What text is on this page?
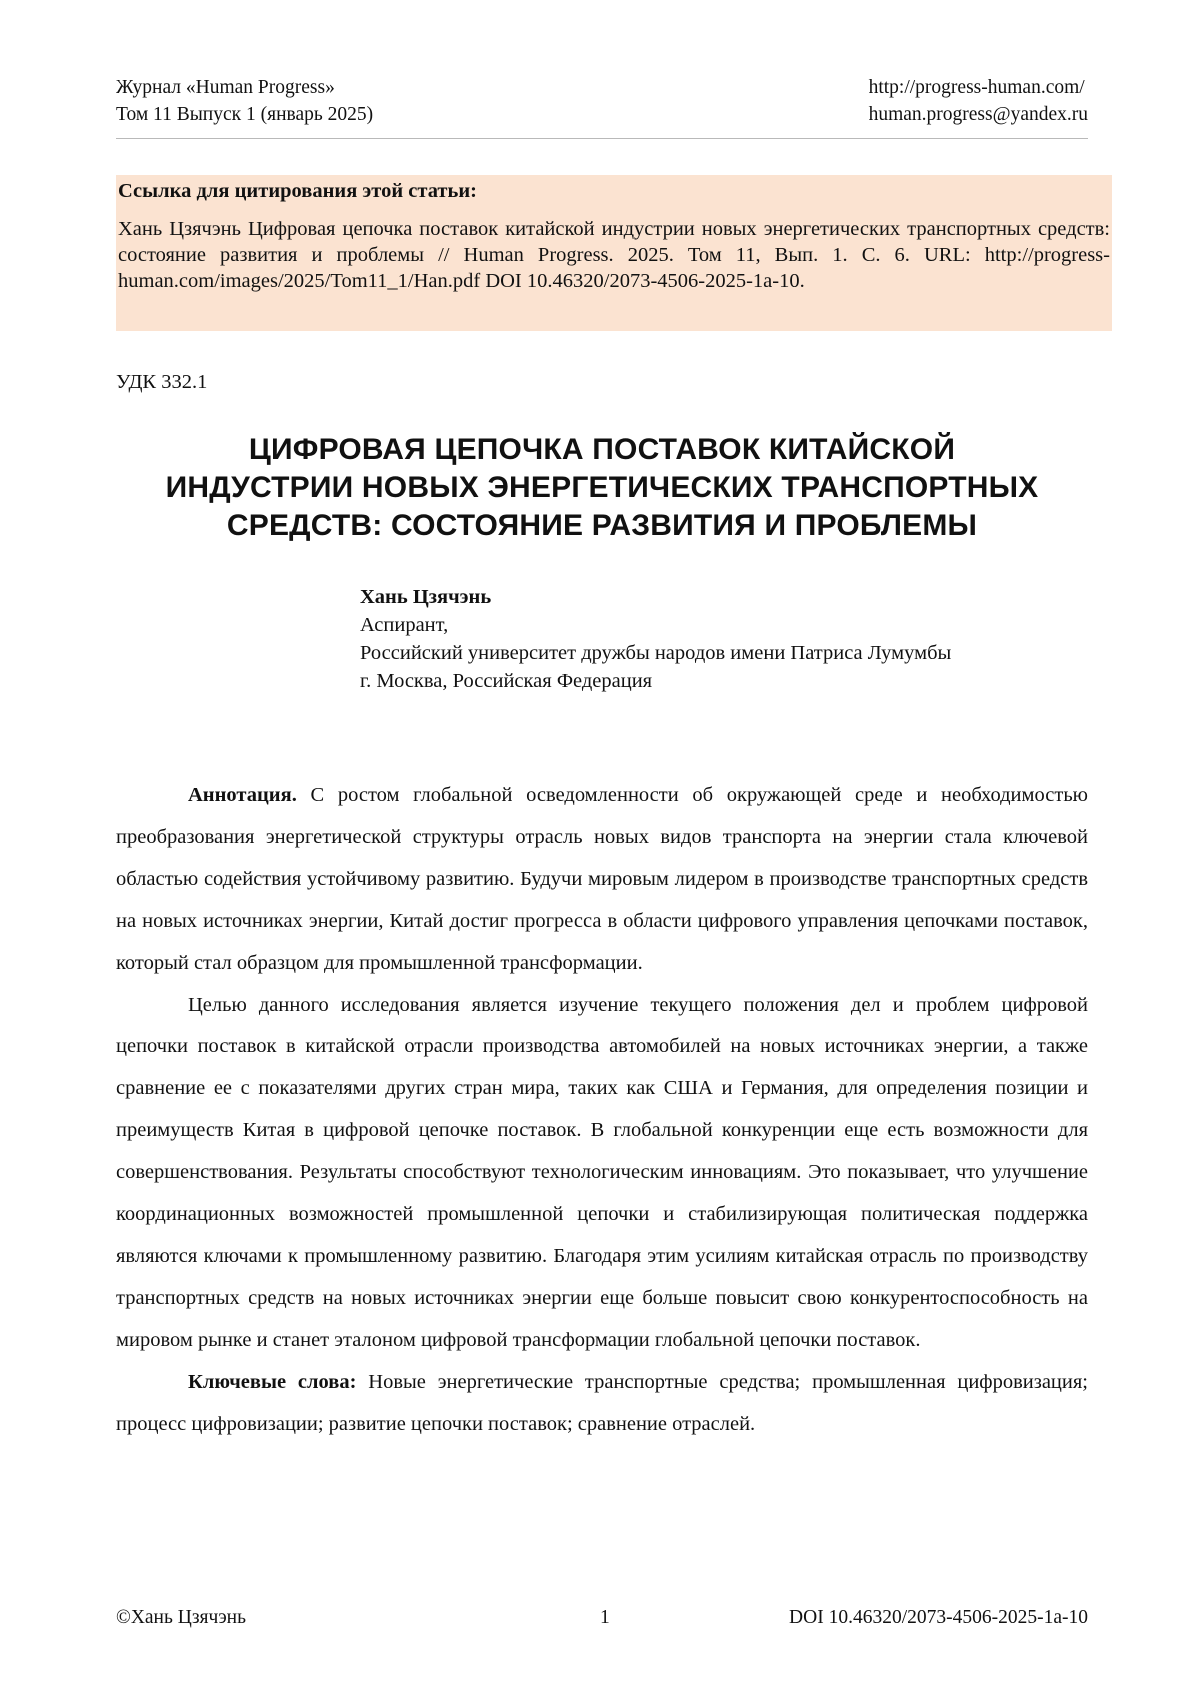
Журнал «Human Progress»
Том 11 Выпуск 1 (январь 2025)
http://progress-human.com/
human.progress@yandex.ru
Ссылка для цитирования этой статьи:
Хань Цзячэнь Цифровая цепочка поставок китайской индустрии новых энергетических транспортных средств: состояние развития и проблемы // Human Progress. 2025. Том 11, Вып. 1. С. 6. URL: http://progress-human.com/images/2025/Tom11_1/Han.pdf DOI 10.46320/2073-4506-2025-1a-10.
УДК 332.1
ЦИФРОВАЯ ЦЕПОЧКА ПОСТАВОК КИТАЙСКОЙ
ИНДУСТРИИ НОВЫХ ЭНЕРГЕТИЧЕСКИХ ТРАНСПОРТНЫХ
СРЕДСТВ: СОСТОЯНИЕ РАЗВИТИЯ И ПРОБЛЕМЫ
Хань Цзячэнь
Аспирант,
Российский университет дружбы народов имени Патриса Лумумбы
г. Москва, Российская Федерация

Аннотация. С ростом глобальной осведомленности об окружающей среде и необходимостью преобразования энергетической структуры отрасль новых видов транспорта на энергии стала ключевой областью содействия устойчивому развитию. Будучи мировым лидером в производстве транспортных средств на новых источниках энергии, Китай достиг прогресса в области цифрового управления цепочками поставок, который стал образцом для промышленной трансформации.

Целью данного исследования является изучение текущего положения дел и проблем цифровой цепочки поставок в китайской отрасли производства автомобилей на новых источниках энергии, а также сравнение ее с показателями других стран мира, таких как США и Германия, для определения позиции и преимуществ Китая в цифровой цепочке поставок. В глобальной конкуренции еще есть возможности для совершенствования. Результаты способствуют технологическим инновациям. Это показывает, что улучшение координационных возможностей промышленной цепочки и стабилизирующая политическая поддержка являются ключами к промышленному развитию. Благодаря этим усилиям китайская отрасль по производству транспортных средств на новых источниках энергии еще больше повысит свою конкурентоспособность на мировом рынке и станет эталоном цифровой трансформации глобальной цепочки поставок.

Ключевые слова: Новые энергетические транспортные средства; промышленная цифровизация; процесс цифровизации; развитие цепочки поставок; сравнение отраслей.

©Хань Цзячэнь	1	DOI 10.46320/2073-4506-2025-1a-10
